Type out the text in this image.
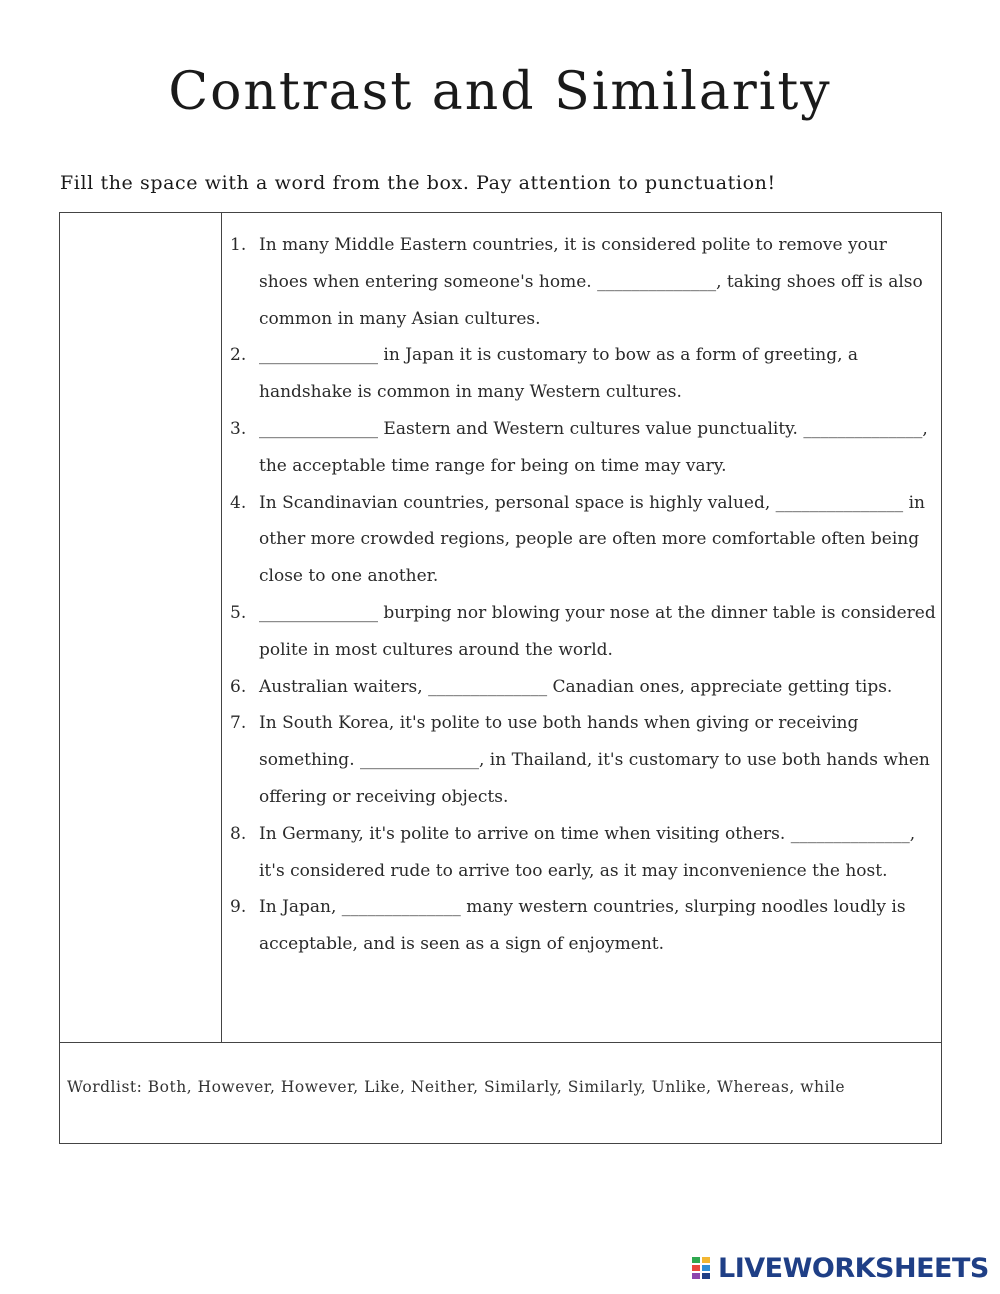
Contrast and Similarity

Fill the space with a word from the box. Pay attention to punctuation!

1. In many Middle Eastern countries, it is considered polite to remove your shoes when entering someone's home. ______________, taking shoes off is also common in many Asian cultures.
2. ______________ in Japan it is customary to bow as a form of greeting, a handshake is common in many Western cultures.
3. ______________ Eastern and Western cultures value punctuality. ______________, the acceptable time range for being on time may vary.
4. In Scandinavian countries, personal space is highly valued, _______________ in other more crowded regions, people are often more comfortable often being close to one another.
5. ______________ burping nor blowing your nose at the dinner table is considered polite in most cultures around the world.
6. Australian waiters, ______________ Canadian ones, appreciate getting tips.
7. In South Korea, it's polite to use both hands when giving or receiving something. ______________, in Thailand, it's customary to use both hands when offering or receiving objects.
8. In Germany, it's polite to arrive on time when visiting others. ______________, it's considered rude to arrive too early, as it may inconvenience the host.
9. In Japan, ______________ many western countries, slurping noodles loudly is acceptable, and is seen as a sign of enjoyment.

Wordlist: Both, However, However, Like, Neither, Similarly, Similarly, Unlike, Whereas, while

LIVEWORKSHEETS
